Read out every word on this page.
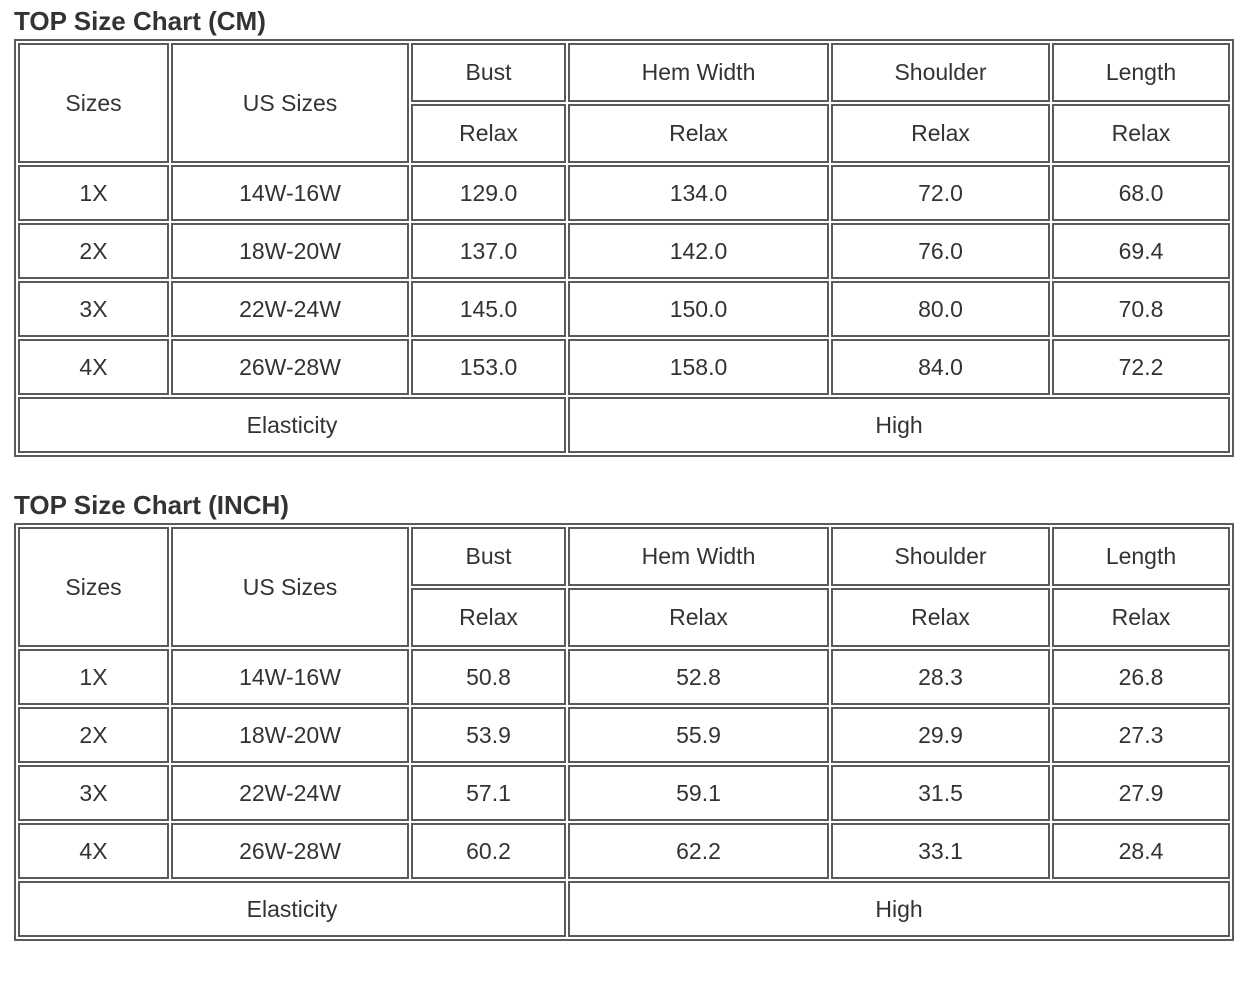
TOP Size Chart (CM)
Sizes	US Sizes	Bust	Hem Width	Shoulder	Length
		Relax	Relax	Relax	Relax
1X	14W-16W	129.0	134.0	72.0	68.0
2X	18W-20W	137.0	142.0	76.0	69.4
3X	22W-24W	145.0	150.0	80.0	70.8
4X	26W-28W	153.0	158.0	84.0	72.2
Elasticity			High		
TOP Size Chart (INCH)
Sizes	US Sizes	Bust	Hem Width	Shoulder	Length
		Relax	Relax	Relax	Relax
1X	14W-16W	50.8	52.8	28.3	26.8
2X	18W-20W	53.9	55.9	29.9	27.3
3X	22W-24W	57.1	59.1	31.5	27.9
4X	26W-28W	60.2	62.2	33.1	28.4
Elasticity			High		
